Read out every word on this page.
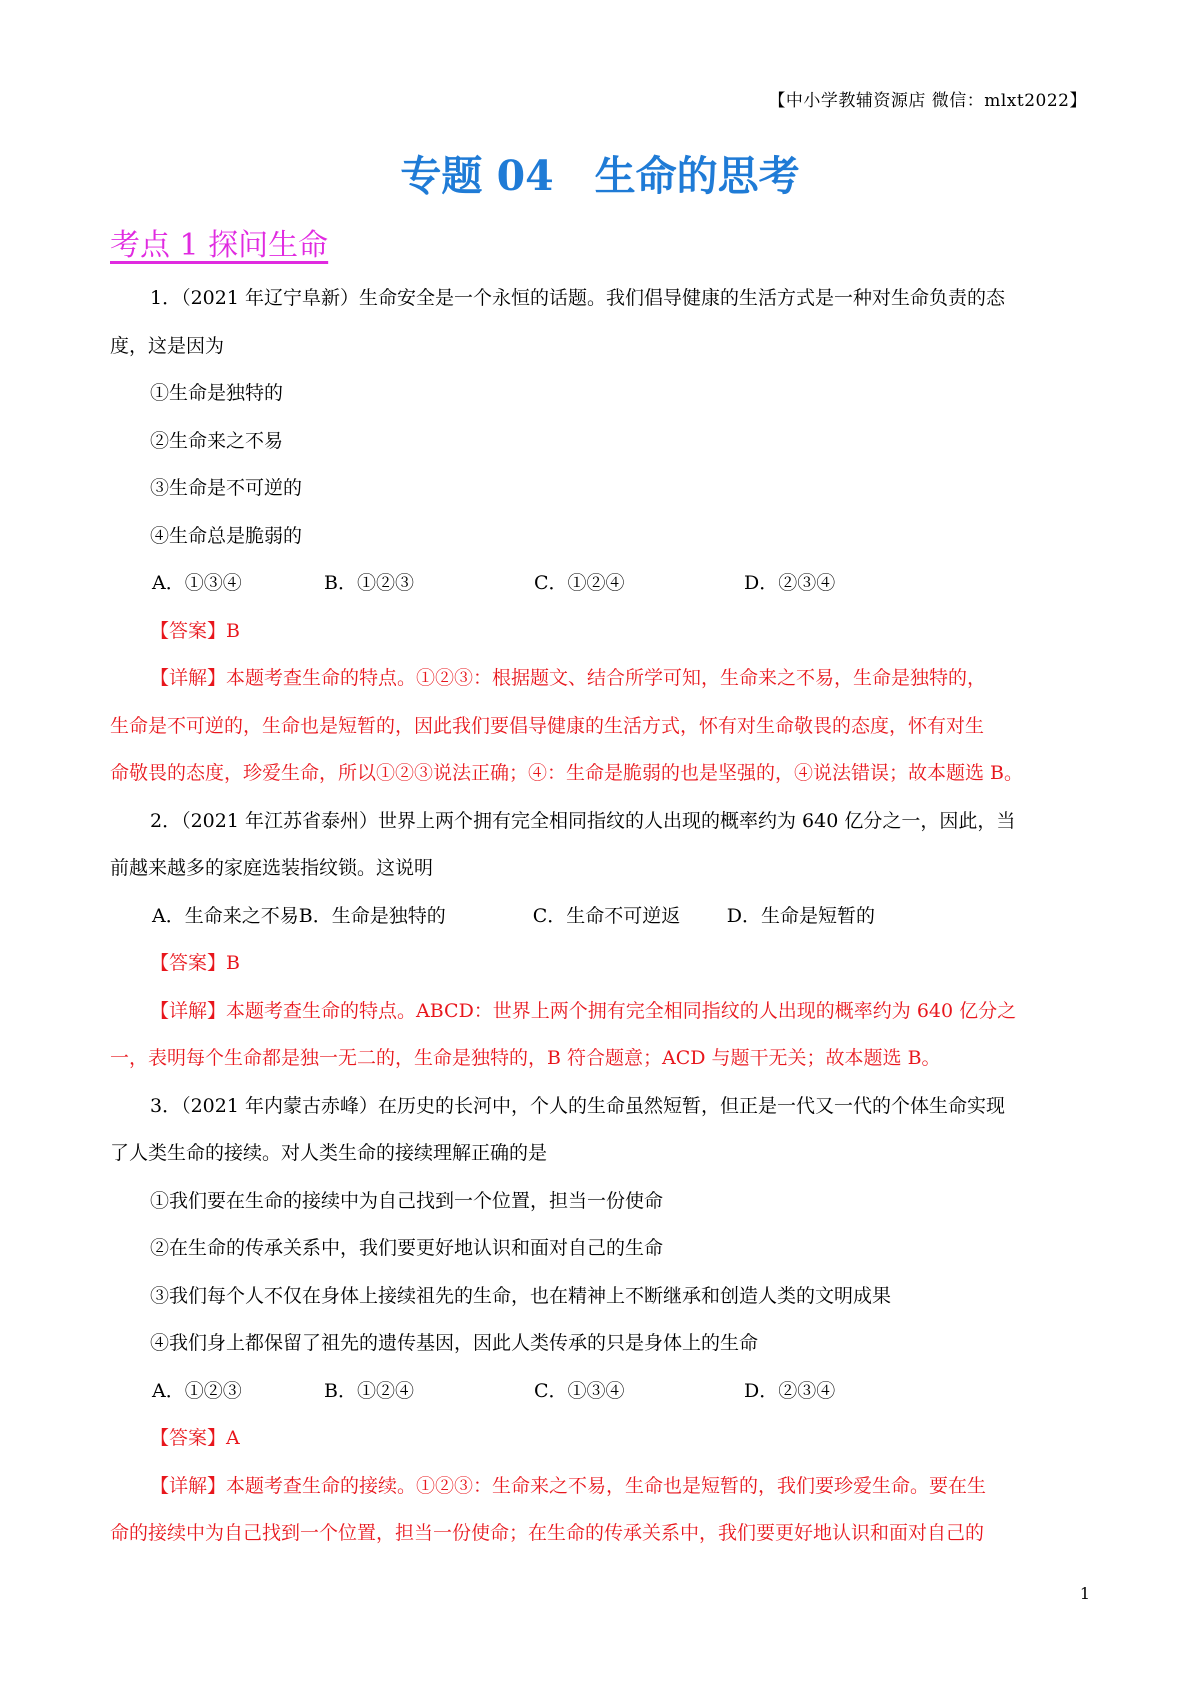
【中小学教辅资源店 微信：mlxt2022】
专题 04　生命的思考
考点 1 探问生命
1．（2021 年辽宁阜新）生命安全是一个永恒的话题。我们倡导健康的生活方式是一种对生命负责的态
度，这是因为
①生命是独特的
②生命来之不易
③生命是不可逆的
④生命总是脆弱的
A．①③④	B．①②③	C．①②④	D．②③④
【答案】B
【详解】本题考查生命的特点。①②③：根据题文、结合所学可知，生命来之不易，生命是独特的，
生命是不可逆的，生命也是短暂的，因此我们要倡导健康的生活方式，怀有对生命敬畏的态度，怀有对生
命敬畏的态度，珍爱生命，所以①②③说法正确；④：生命是脆弱的也是坚强的，④说法错误；故本题选 B。
2．（2021 年江苏省泰州）世界上两个拥有完全相同指纹的人出现的概率约为 640 亿分之一，因此，当
前越来越多的家庭选装指纹锁。这说明
A．生命来之不易 B．生命是独特的	C．生命不可逆返	D．生命是短暂的
【答案】B
【详解】本题考查生命的特点。ABCD：世界上两个拥有完全相同指纹的人出现的概率约为 640 亿分之
一，表明每个生命都是独一无二的，生命是独特的，B 符合题意；ACD 与题干无关；故本题选 B。
3．（2021 年内蒙古赤峰）在历史的长河中，个人的生命虽然短暂，但正是一代又一代的个体生命实现
了人类生命的接续。对人类生命的接续理解正确的是
①我们要在生命的接续中为自己找到一个位置，担当一份使命
②在生命的传承关系中，我们要更好地认识和面对自己的生命
③我们每个人不仅在身体上接续祖先的生命，也在精神上不断继承和创造人类的文明成果
④我们身上都保留了祖先的遗传基因，因此人类传承的只是身体上的生命
A．①②③	B．①②④	C．①③④	D．②③④
【答案】A
【详解】本题考查生命的接续。①②③：生命来之不易，生命也是短暂的，我们要珍爱生命。要在生
命的接续中为自己找到一个位置，担当一份使命；在生命的传承关系中，我们要更好地认识和面对自己的
1
